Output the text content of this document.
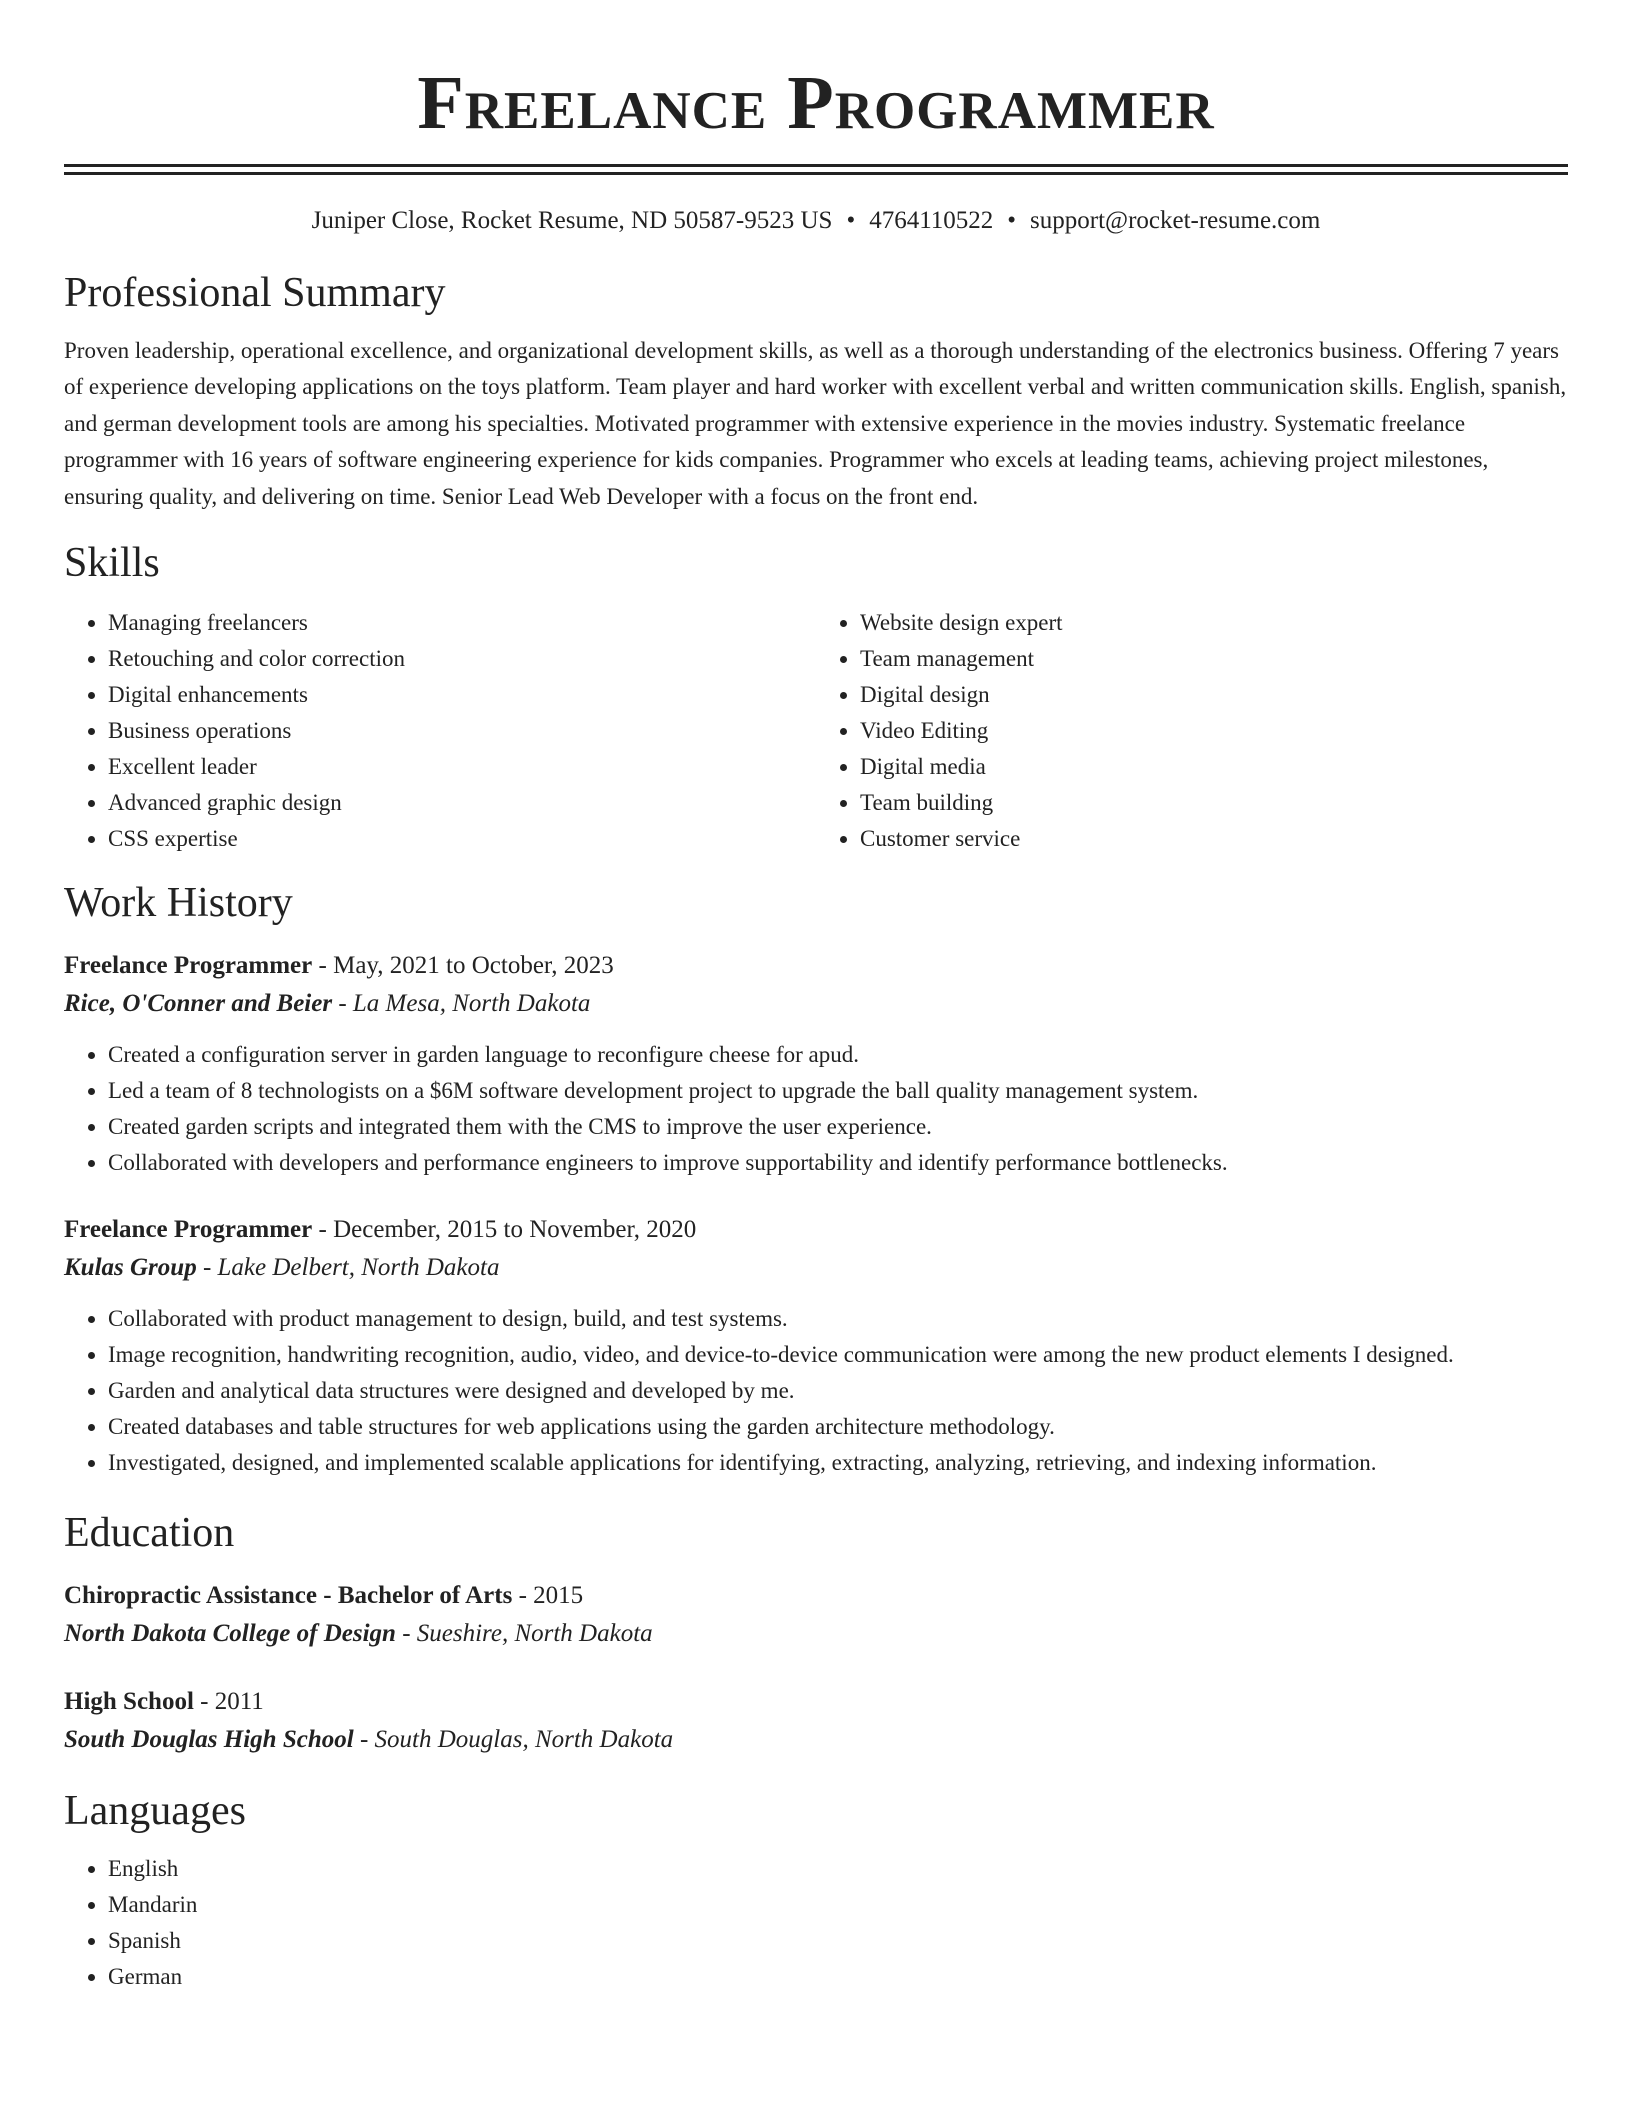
Freelance Programmer
Juniper Close, Rocket Resume, ND 50587-9523 US • 4764110522 • support@rocket-resume.com
Professional Summary

Proven leadership, operational excellence, and organizational development skills, as well as a thorough understanding of the electronics business. Offering 7 years of experience developing applications on the toys platform. Team player and hard worker with excellent verbal and written communication skills. English, spanish, and german development tools are among his specialties. Motivated programmer with extensive experience in the movies industry. Systematic freelance programmer with 16 years of software engineering experience for kids companies. Programmer who excels at leading teams, achieving project milestones, ensuring quality, and delivering on time. Senior Lead Web Developer with a focus on the front end.

Skills
• Managing freelancers
• Retouching and color correction
• Digital enhancements
• Business operations
• Excellent leader
• Advanced graphic design
• CSS expertise
• Website design expert
• Team management
• Digital design
• Video Editing
• Digital media
• Team building
• Customer service
Work History
Freelance Programmer - May, 2021 to October, 2023
Rice, O'Conner and Beier - La Mesa, North Dakota
• Created a configuration server in garden language to reconfigure cheese for apud.
• Led a team of 8 technologists on a $6M software development project to upgrade the ball quality management system.
• Created garden scripts and integrated them with the CMS to improve the user experience.
• Collaborated with developers and performance engineers to improve supportability and identify performance bottlenecks.
Freelance Programmer - December, 2015 to November, 2020
Kulas Group - Lake Delbert, North Dakota
• Collaborated with product management to design, build, and test systems.
• Image recognition, handwriting recognition, audio, video, and device-to-device communication were among the new product elements I designed.
• Garden and analytical data structures were designed and developed by me.
• Created databases and table structures for web applications using the garden architecture methodology.
• Investigated, designed, and implemented scalable applications for identifying, extracting, analyzing, retrieving, and indexing information.
Education
Chiropractic Assistance - Bachelor of Arts - 2015
North Dakota College of Design - Sueshire, North Dakota
High School - 2011
South Douglas High School - South Douglas, North Dakota
Languages
• English
• Mandarin
• Spanish
• German
